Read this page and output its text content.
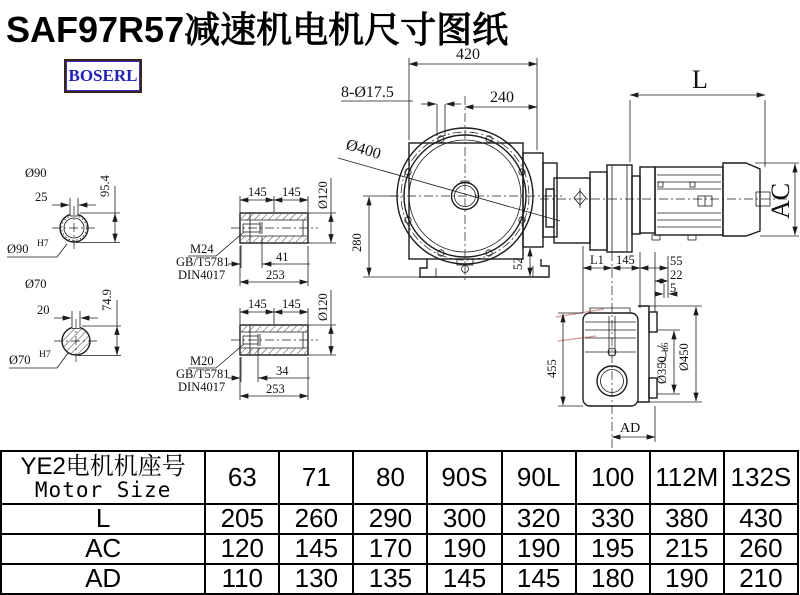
25
Ø90
95.4
Ø90 H7
20
Ø70
74.9
Ø70 H7
145 145 Ø120
M24
GB/T5781
DIN4017
41
253
145 145 Ø120
M20
GB/T5781
DIN4017
34
253
Ø400
420
240
8-Ø17.5
280
52
L
AC
L1 145	55
22
5
455	Ø350
h6 Ø450
AD
SAF97R57减速机电机尺寸图纸
BOSERL
YE2电机机座号
Motor Size	63	71	80	90S	90L	100	112M	132S
L	205	260	290	300	320	330	380	430
AC	120	145	170	190	190	195	215	260
AD	110	130	135	145	145	180	190	210
